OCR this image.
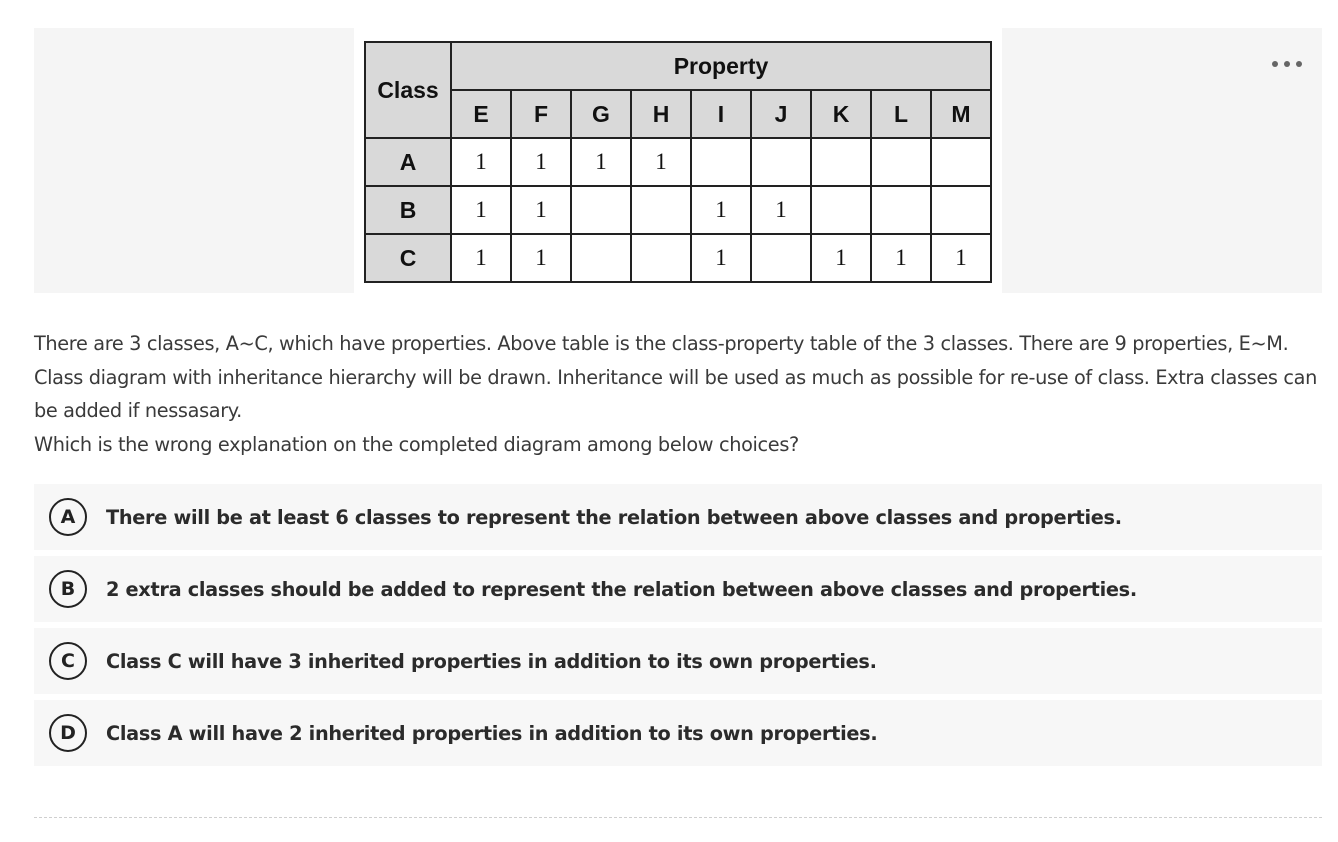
Class	Property								
	E	F	G	H	I	J	K	L	M
A	1	1	1	1					
B	1	1			1	1			
C	1	1			1		1	1	1

There are 3 classes, A~C, which have properties. Above table is the class-property table of the 3 classes. There are 9 properties, E~M. Class diagram with inheritance hierarchy will be drawn. Inheritance will be used as much as possible for re-use of class. Extra classes can be added if nessasary.

Which is the wrong explanation on the completed diagram among below choices?

A	There will be at least 6 classes to represent the relation between above classes and properties.
B	2 extra classes should be added to represent the relation between above classes and properties.
C	Class C will have 3 inherited properties in addition to its own properties.
D	Class A will have 2 inherited properties in addition to its own properties.
